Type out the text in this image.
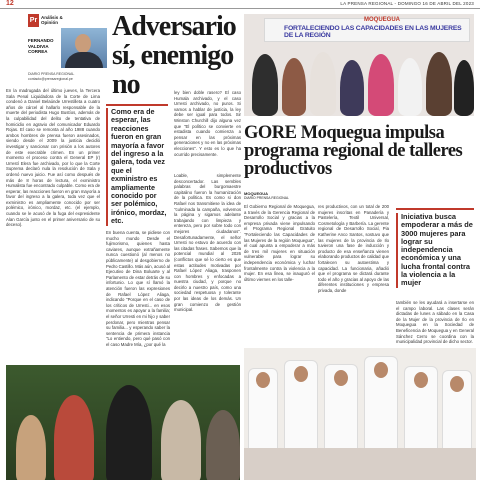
12	LA PRENSA REGIONAL - DOMINGO 16 DE ABRIL DEL 2023
Pr Análisis & Opinión
FERNANDO VALDIVIA CORREA
DIARIO PRENSA REGIONAL contacto@prensaregional.pe
Adversario sí, enemigo no

En la madrugada del último jueves, la Tercera Sala Penal Liquidadora de la Corte de Lima condenó a Daniel Belaúnde Urrestilleta a cuatro años de cárcel al hallarlo responsable de la muerte del periodista Hugo Bustíos, además de la culpabilidad del delito de tentativa de homicidio en agravio del comunicador Eduardo Rojas. El caso se remonta al año 1988 cuando ambos hombres de prensa fueron asesinados, siendo desde el 2009 la justicia decidió investigar y sancionar con prisión a los autores de este execrable crimen. En un primer momento el proceso contra el General EP (r) Urrestí Elera fue archivado, por lo que la Corte Suprema declaró nula la resolución de Sala y ordenó nuevo juicio. Fue así como después de más de 8 horas de lectura, el exministro Humalista fue encontrado culpable. Como era de esperar, las reacciones fueron en gran mayoría a favor del ingreso a la galera, toda vez que el exministro es ampliamente conocido por ser polémico, irónico, mordaz, etc. (el ejemplo, cuando se le acusó de la fuga del expresidente Alan García junto en el primer aniversario de su deceso).

Como era de esperar, las reacciones fueron en gran mayoría a favor del ingreso a la galera, toda vez que el exministro es ampliamente conocido por ser polémico, irónico, mordaz, etc.

En buena cuenta, se pidiese con mucho mundo Desde el fujimorismo, quienes hasta caviares, aunque extrañamente nunca cuestionó (al menos no públicamente) al desgobierno de Pedro Castillo. Más aún, acusó al Ejecutivo de Dina Boluarte y al Parlamento de estar detrás de su infortunio. Lo que sí llamó la atención fueron las expresiones de Rafael López Aliaga, indicando "Porque en el caso de los críticos de Urresti... en esos momentos es apoyar a la familia; el señor Urresti en mi hijo y saber perdonar, pero mientras pensar su familia... y esperando saber la sentencia de primera instancia "Lo entiendo, pero qué pasó con el caso Madre Mía, ¿por qué la

ley bien doble rasero? El caso Humala archivado, y el caso Urresti archivado, no puros. Si vamos a hablar de justicia, la ley debe ser igual para todos. Sir Winston Churchill dijo alguna vez que "El político se convierte en estadista cuando comienza a pensar en las próximas generaciones y no en las próximas elecciones". Y esto es lo que ha ocurrido precisamente.

Loable, simplemente desconcertador. Las sembles palabras del burgomaestre capitalino fueron la humanización de la política. Es como si don Rafael nos transmitiese la idea de "culminada la campaña, volvemos la página y sigamos adelante trabajando con limpieza y entereza, pero por sobre todo con mejores ciudadanos". Desafortunadamente, el señor Urresti no estuvo de acuerdo con las citadas frases. Sabemos que la potencial mundial al 2026 (conflictos que sé lo cierto es que estas actitudes motivadas por Rafael López Aliaga, trasponen con hombres y enfocadas a nuestra ciudad, y porque no decirlo a nuestro país, como una sociedad respetuosa y tolerante por las ideas de los demás. Un gran comienzo de gestión municipal.

MOQUEGUA
FORTALECIENDO LAS CAPACIDADES EN LAS MUJERES DE LA REGIÓN
GORE Moquegua impulsa programa regional de talleres productivos
MOQUEGUA
DIARIO PRENSA REGIONAL

El Gobierno Regional de Moquegua, a través de la Gerencia Regional de Desarrollo Social y gracias a la empresa privada viene impulsando el Programa Regional Gratuito "Fortaleciendo las Capacidades de las Mujeres de la región Moquegua", el cual apunta a empoderar a más de tres mil mujeres en situación vulnerable para lograr su independencia económica y luchar frontalmente contra la violencia a la mujer. En esa línea, se inauguró el último viernes en los talle-

res productivos, con un total de 200 mujeres inscritas en Panadería y Pastelería, Textil Universal, Cosmetología y Barbería. La gerente regional de Desarrollo Social, Pia Katherine Anco Santos, sostuvo que las mujeres de la provincia de Ilo tuvieron una fase de inducción y producto de esa enseñanza vienen elaborando productos de calidad que fortalecen su autoestima y capacidad. La funcionaria, añadió que el programa se dictará durante todo el año y gracias al apoyo de las diferentes instituciones y empresa privada, donde

Iniciativa busca empoderar a más de 3000 mujeres para lograr su independencia económica y una lucha frontal contra la violencia a la mujer

también se les ayudará a insertarse en el campo laboral. Las clases serán dictadas de lunes a sábado en la Casa de la Mujer de la provincia de Ilo en Moquegua en la Sociedad de Beneficencia de Moquegua y en General Sánchez Cerro se coordina con la municipalidad provincial de dicho sector.
